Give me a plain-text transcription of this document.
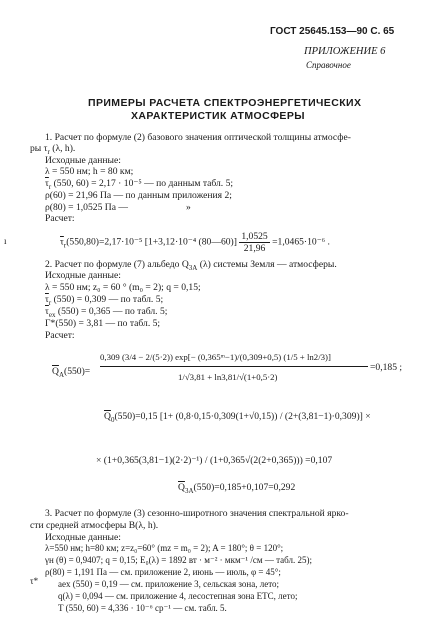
ГОСТ 25645.153—90 С. 65
ПРИЛОЖЕНИЕ 6
Справочное
ПРИМЕРЫ РАСЧЕТА СПЕКТРОЭНЕРГЕТИЧЕСКИХ
ХАРАКТЕРИСТИК АТМОСФЕРЫ
1. Расчет по формуле (2) базового значения оптической толщины атмосфе-
ры $\tau_r$ (λ, h).
Исходные данные:
λ = 550 нм; h = 80 км;
$\overline{\tau}_r$ (550, 60) = 2,17 · 10⁻⁵ — по данным табл. 5;
ρ(60) = 21,96 Па — по данным приложения 2;
ρ(80) = 1,0525 Па —	»
Расчет:
ı	$\overline{\tau}_r(550,80)=2,17\cdot 10^{-5}$ [1+3,12·10⁻⁴ (80—60)] $\frac{1,0525}{21,96} =1,0465\cdot 10^{-6}$ .
2. Расчет по формуле (7) альбедо $Q_{3A}$ (λ) системы Земля — атмосферы.
Исходные данные:
λ = 550 нм; z₀ = 60 ° (m₀ = 2); q = 0,15;
$\overline{\tau}_r$ (550) = 0,309 — по табл. 5;
$\overline{\tau}_{ex}$ (550) = 0,365 — по табл. 5;
Γ*(550) = 3,81 — по табл. 5;
Расчет:
$\overline{Q}_A(550)=$
0,309 (3/4 − 2/(5·2)) exp[− (0,365ᵐ−1)/(0,309+0,5) (1/5 + ln2/3)]
1/√3,81 + ln3,81/√(1+0,5·2)
=0,185 ;
$\overline{Q}_0(550)=0,15$ [1+ (0,8·0,15·0,309(1+√0,15)) / (2+(3,81−1)·0,309)] ×
× (1+0,365(3,81−1)(2·2)⁻¹) / (1+0,365√(2(2+0,365))) =0,107
$\overline{Q}_{3A}(550)=0,185+0,107=0,292$
3. Расчет по формуле (3) сезонно-широтного значения спектральной ярко-
сти средней атмосферы B(λ, h).
Исходные данные:
λ=550 нм; h=80 км; z=z₀=60° (mz = m₀ = 2); A = 180°; θ = 120°;
γн (θ) = 0,9407; q = 0,15; E₀(λ) = 1892 вт · м⁻² · мкм⁻¹ /см — табл. 25);
ρ(80) = 1,191 Па — см. приложение 2, июнь — июль, φ = 45°;
τ* aeх (550) = 0,19 — см. приложение 3, сельская зона, лето;
q(λ) = 0,094 — см. приложение 4, лесостепная зона ЕТС, лето;
T (550, 60) = 4,336 · 10⁻⁶ ср⁻¹ — см. табл. 5.
